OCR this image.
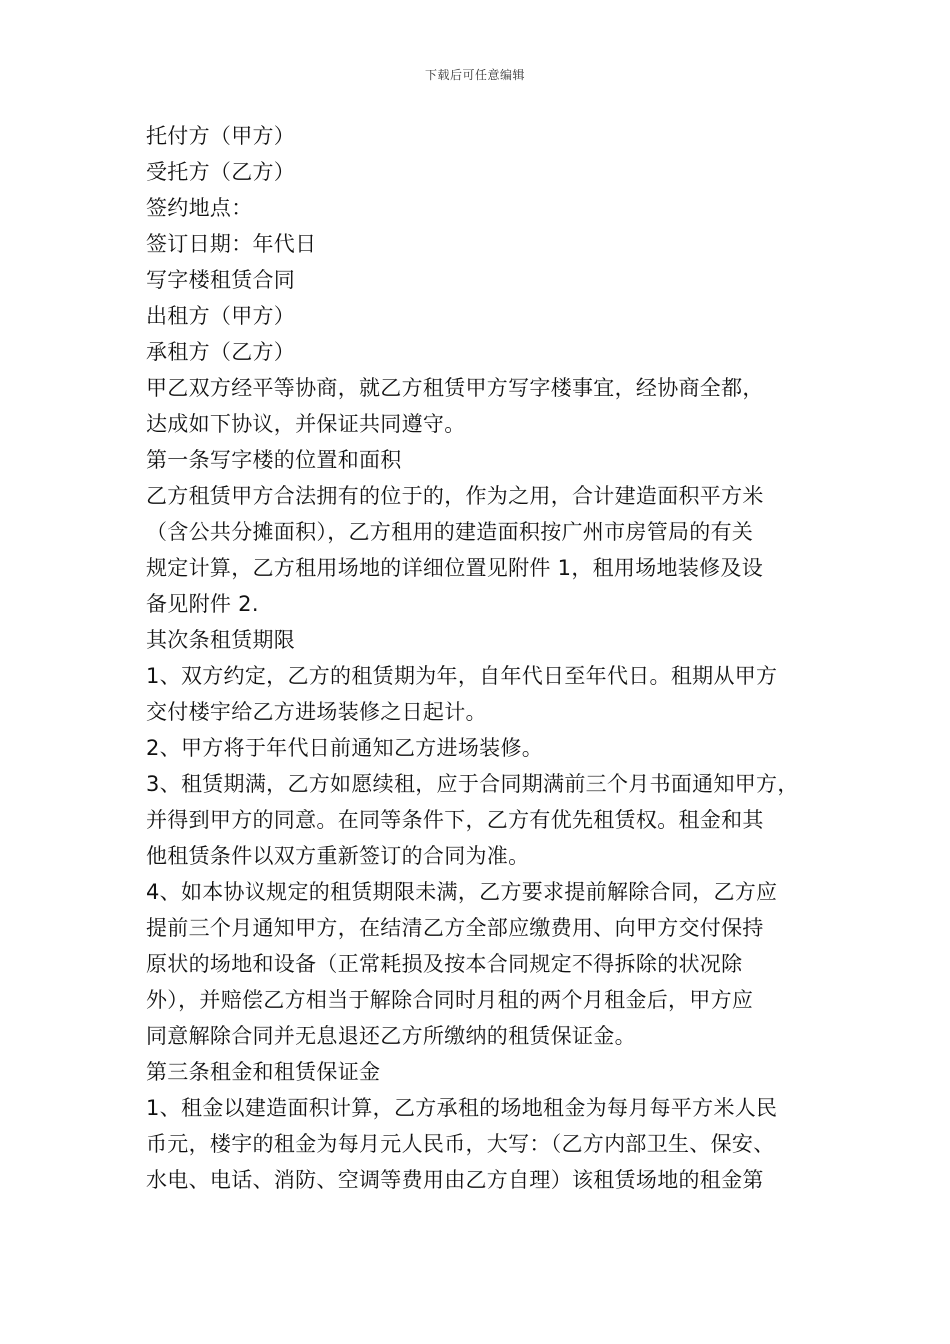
下载后可任意编辑
托付方（甲方）
受托方（乙方）
签约地点：
签订日期：年代日
写字楼租赁合同
出租方（甲方）
承租方（乙方）
甲乙双方经平等协商，就乙方租赁甲方写字楼事宜，经协商全都，
达成如下协议，并保证共同遵守。
第一条写字楼的位置和面积
乙方租赁甲方合法拥有的位于的，作为之用，合计建造面积平方米
（含公共分摊面积），乙方租用的建造面积按广州市房管局的有关
规定计算，乙方租用场地的详细位置见附件 1，租用场地装修及设
备见附件 2.
其次条租赁期限
1、双方约定，乙方的租赁期为年，自年代日至年代日。租期从甲方
交付楼宇给乙方进场装修之日起计。
2、甲方将于年代日前通知乙方进场装修。
3、租赁期满，乙方如愿续租，应于合同期满前三个月书面通知甲方，
并得到甲方的同意。在同等条件下，乙方有优先租赁权。租金和其
他租赁条件以双方重新签订的合同为准。
4、如本协议规定的租赁期限未满，乙方要求提前解除合同，乙方应
提前三个月通知甲方，在结清乙方全部应缴费用、向甲方交付保持
原状的场地和设备（正常耗损及按本合同规定不得拆除的状况除
外），并赔偿乙方相当于解除合同时月租的两个月租金后，甲方应
同意解除合同并无息退还乙方所缴纳的租赁保证金。
第三条租金和租赁保证金
1、租金以建造面积计算，乙方承租的场地租金为每月每平方米人民
币元，楼宇的租金为每月元人民币，大写：（乙方内部卫生、保安、
水电、电话、消防、空调等费用由乙方自理）该租赁场地的租金第
